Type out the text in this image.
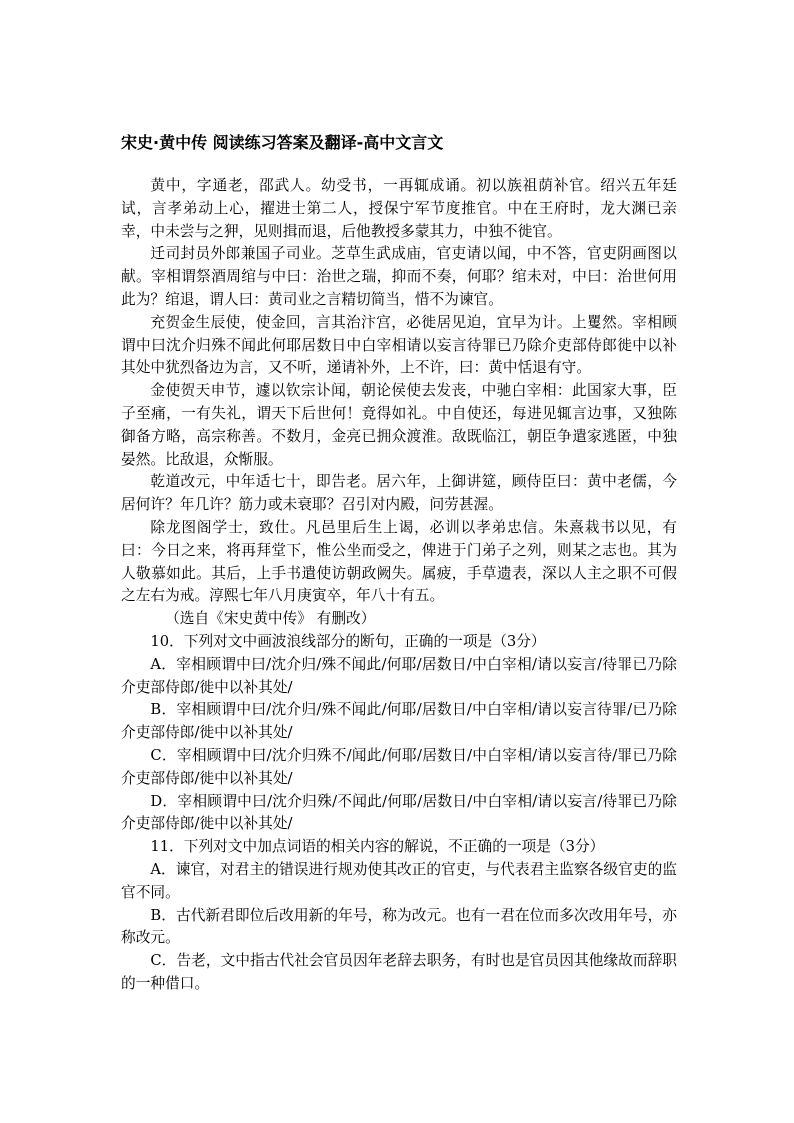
宋史·黄中传 阅读练习答案及翻译-高中文言文

黄中，字通老，邵武人。幼受书，一再辄成诵。初以族祖荫补官。绍兴五年廷试，言孝弟动上心，擢进士第二人，授保宁军节度推官。中在王府时，龙大渊已亲幸，中未尝与之狎，见则揖而退，后他教授多蒙其力，中独不徙官。

迁司封员外郎兼国子司业。芝草生武成庙，官吏请以闻，中不答，官吏阴画图以献。宰相谓祭酒周绾与中曰：治世之瑞，抑而不奏，何耶？绾未对，中曰：治世何用此为？绾退，谓人曰：黄司业之言精切简当，惜不为谏官。

充贺金生辰使，使金回，言其治汴宫，必徙居见迫，宜早为计。上矍然。宰相顾谓中曰沈介归殊不闻此何耶居数日中白宰相请以妄言待罪已乃除介吏部侍郎徙中以补其处中犹烈备边为言，又不听，递请补外，上不许，曰：黄中恬退有守。

金使贺天申节，遽以钦宗讣闻，朝论侯使去发丧，中驰白宰相：此国家大事，臣子至痛，一有失礼，谓天下后世何！竟得如礼。中自使还，每进见辄言边事，又独陈御备方略，高宗称善。不数月，金亮已拥众渡淮。敌既临江，朝臣争遣家逃匿，中独晏然。比敌退，众惭服。

乾道改元，中年适七十，即告老。居六年，上御讲筵，顾侍臣曰：黄中老儒，今居何许？年几许？筋力或未衰耶？召引对内殿，问劳甚渥。

除龙图阁学士，致仕。凡邑里后生上谒，必训以孝弟忠信。朱熹栽书以见，有曰：今日之来，将再拜堂下，惟公坐而受之，俾进于门弟子之列，则某之志也。其为人敬慕如此。其后，上手书遣使访朝政阙失。属疲，手草遗表，深以人主之职不可假之左右为戒。淳熙七年八月庚寅卒，年八十有五。

（选自《宋史黄中传》 有删改）

10．下列对文中画波浪线部分的断句，正确的一项是（3分）

A．宰相顾谓中曰/沈介归/殊不闻此/何耶/居数日/中白宰相/请以妄言/待罪已乃除介吏部侍郎/徙中以补其处/

B．宰相顾谓中曰/沈介归/殊不闻此/何耶/居数日/中白宰相/请以妄言待罪/已乃除介吏部侍郎/徙中以补其处/

C．宰相顾谓中曰/沈介归殊不/闻此/何耶/居数日/中白宰相/请以妄言待/罪已乃除介吏部侍郎/徙中以补其处/

D．宰相顾谓中曰/沈介归殊/不闻此/何耶/居数日/中白宰相/请以妄言/待罪已乃除介吏部侍郎/徙中以补其处/

11．下列对文中加点词语的相关内容的解说，不正确的一项是（3分）

A．谏官，对君主的错误进行规劝使其改正的官吏，与代表君主监察各级官吏的监官不同。

B．古代新君即位后改用新的年号，称为改元。也有一君在位而多次改用年号，亦称改元。

C．告老，文中指古代社会官员因年老辞去职务，有时也是官员因其他缘故而辞职的一种借口。
